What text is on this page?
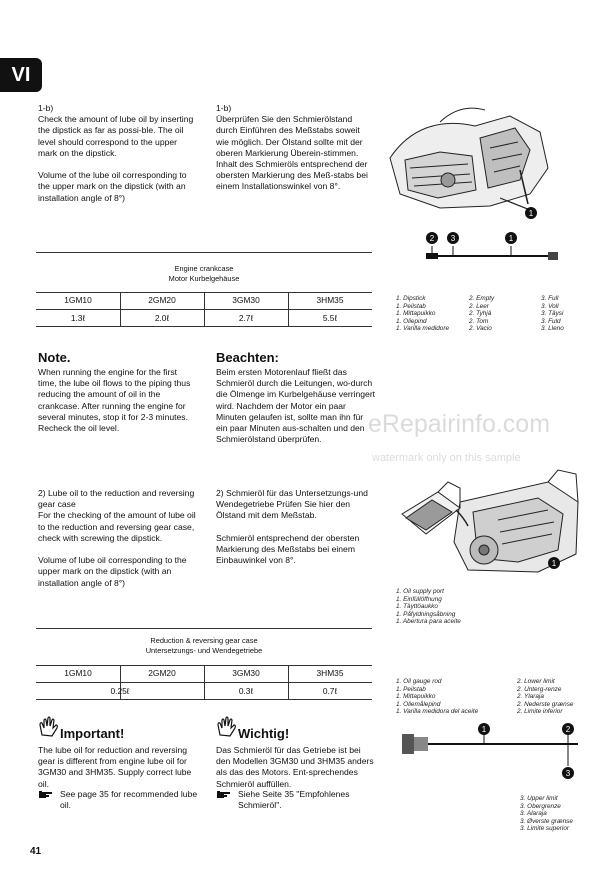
VI

1-b)
Check the amount of lube oil by inserting the dipstick as far as possi-ble. The oil level should correspond to the upper mark on the dipstick.

Volume of the lube oil corresponding to the upper mark on the dipstick (with an installation angle of 8°)

1-b)
Überprüfen Sie den Schmierölstand durch Einführen des Meßstabs soweit wie möglich. Der Ölstand sollte mit der oberen Markierung Überein-stimmen.
Inhalt des Schmieröls entsprechend der obersten Markierung des Meß-stabs bei einem Installationswinkel von 8°.

1
2 3	1
Engine crankcase
Motor Kurbelgehäuse
1GM10	2GM20	3GM30	3HM35
1.3ℓ	2.0ℓ	2.7ℓ	5.5ℓ

1. Dipstick

1. Peilstab

1. Mittapuikko

1. Oliepind

1. Varilla medidore

2. Empty

2. Leer

2. Tyhjä

2. Tom

2. Vacio

3. Full

3. Voll

3. Täysi

3. Fuld

3. Lleno

Note.	Beachten:

When running the engine for the first time, the lube oil flows to the piping thus reducing the amount of oil in the crankcase. After running the engine for several minutes, stop it for 2-3 minutes.
Recheck the oil level.

Beim ersten Motorenlauf fließt das Schmieröl durch die Leitungen, wo-durch die Ölmenge im Kurbelgehäuse verringert wird. Nachdem der Motor ein paar Minuten gelaufen ist, sollte man ihn für ein paar Minuten aus-schalten und den Schmierölstand überprüfen.

eRepairinfo.com
watermark only on this sample

2) Lube oil to the reduction and reversing gear case
For the checking of the amount of lube oil to the reduction and reversing gear case, check with screwing the dipstick.

Volume of lube oil corresponding to the upper mark on the dipstick (with an installation angle of 8°)

2) Schmieröl für das Untersetzungs-und Wendegetriebe Prüfen Sie hier den Ölstand mit dem Meßstab.

Schmieröl entsprechend der obersten Markierung des Meßstabs bei einem Einbauwinkel von 8°.	1

1. Oil supply port

1. Einfüllöffnung

1. Täyttöaukko

1. Påfyldningsåbning

1. Abertura para aceite

Reduction & reversing gear case
Untersetzungs- und Wendegetriebe
1GM10	2GM20	3GM30	3HM35
0.25ℓ	0.3ℓ	0.7ℓ

1. Oil gauge rod

1. Peilstab

1. Mittapuikko

1. Oliemålepind

1. Varilla medidora del aceite

2. Lower limit

2. Unterg-renze

2. Ylaraja

2. Nederste grænse

2. Limite inferior

1	2
3

3. Upper limit

3. Obergrenze

3. Alaraja

3. Øverste grænse

3. Limite superior

Important!	Wichtig!

The lube oil for reduction and reversing gear is different from engine lube oil for 3GM30 and 3HM35. Supply correct lube oil.

Das Schmieröl für das Getriebe ist bei den Modellen 3GM30 und 3HM35 anders als das des Motors. Ent-sprechendes Schmieröl auffüllen.

See page 35 for recommended lube oil.

Siehe Seite 35 "Empfohlenes Schmieröl".

41
